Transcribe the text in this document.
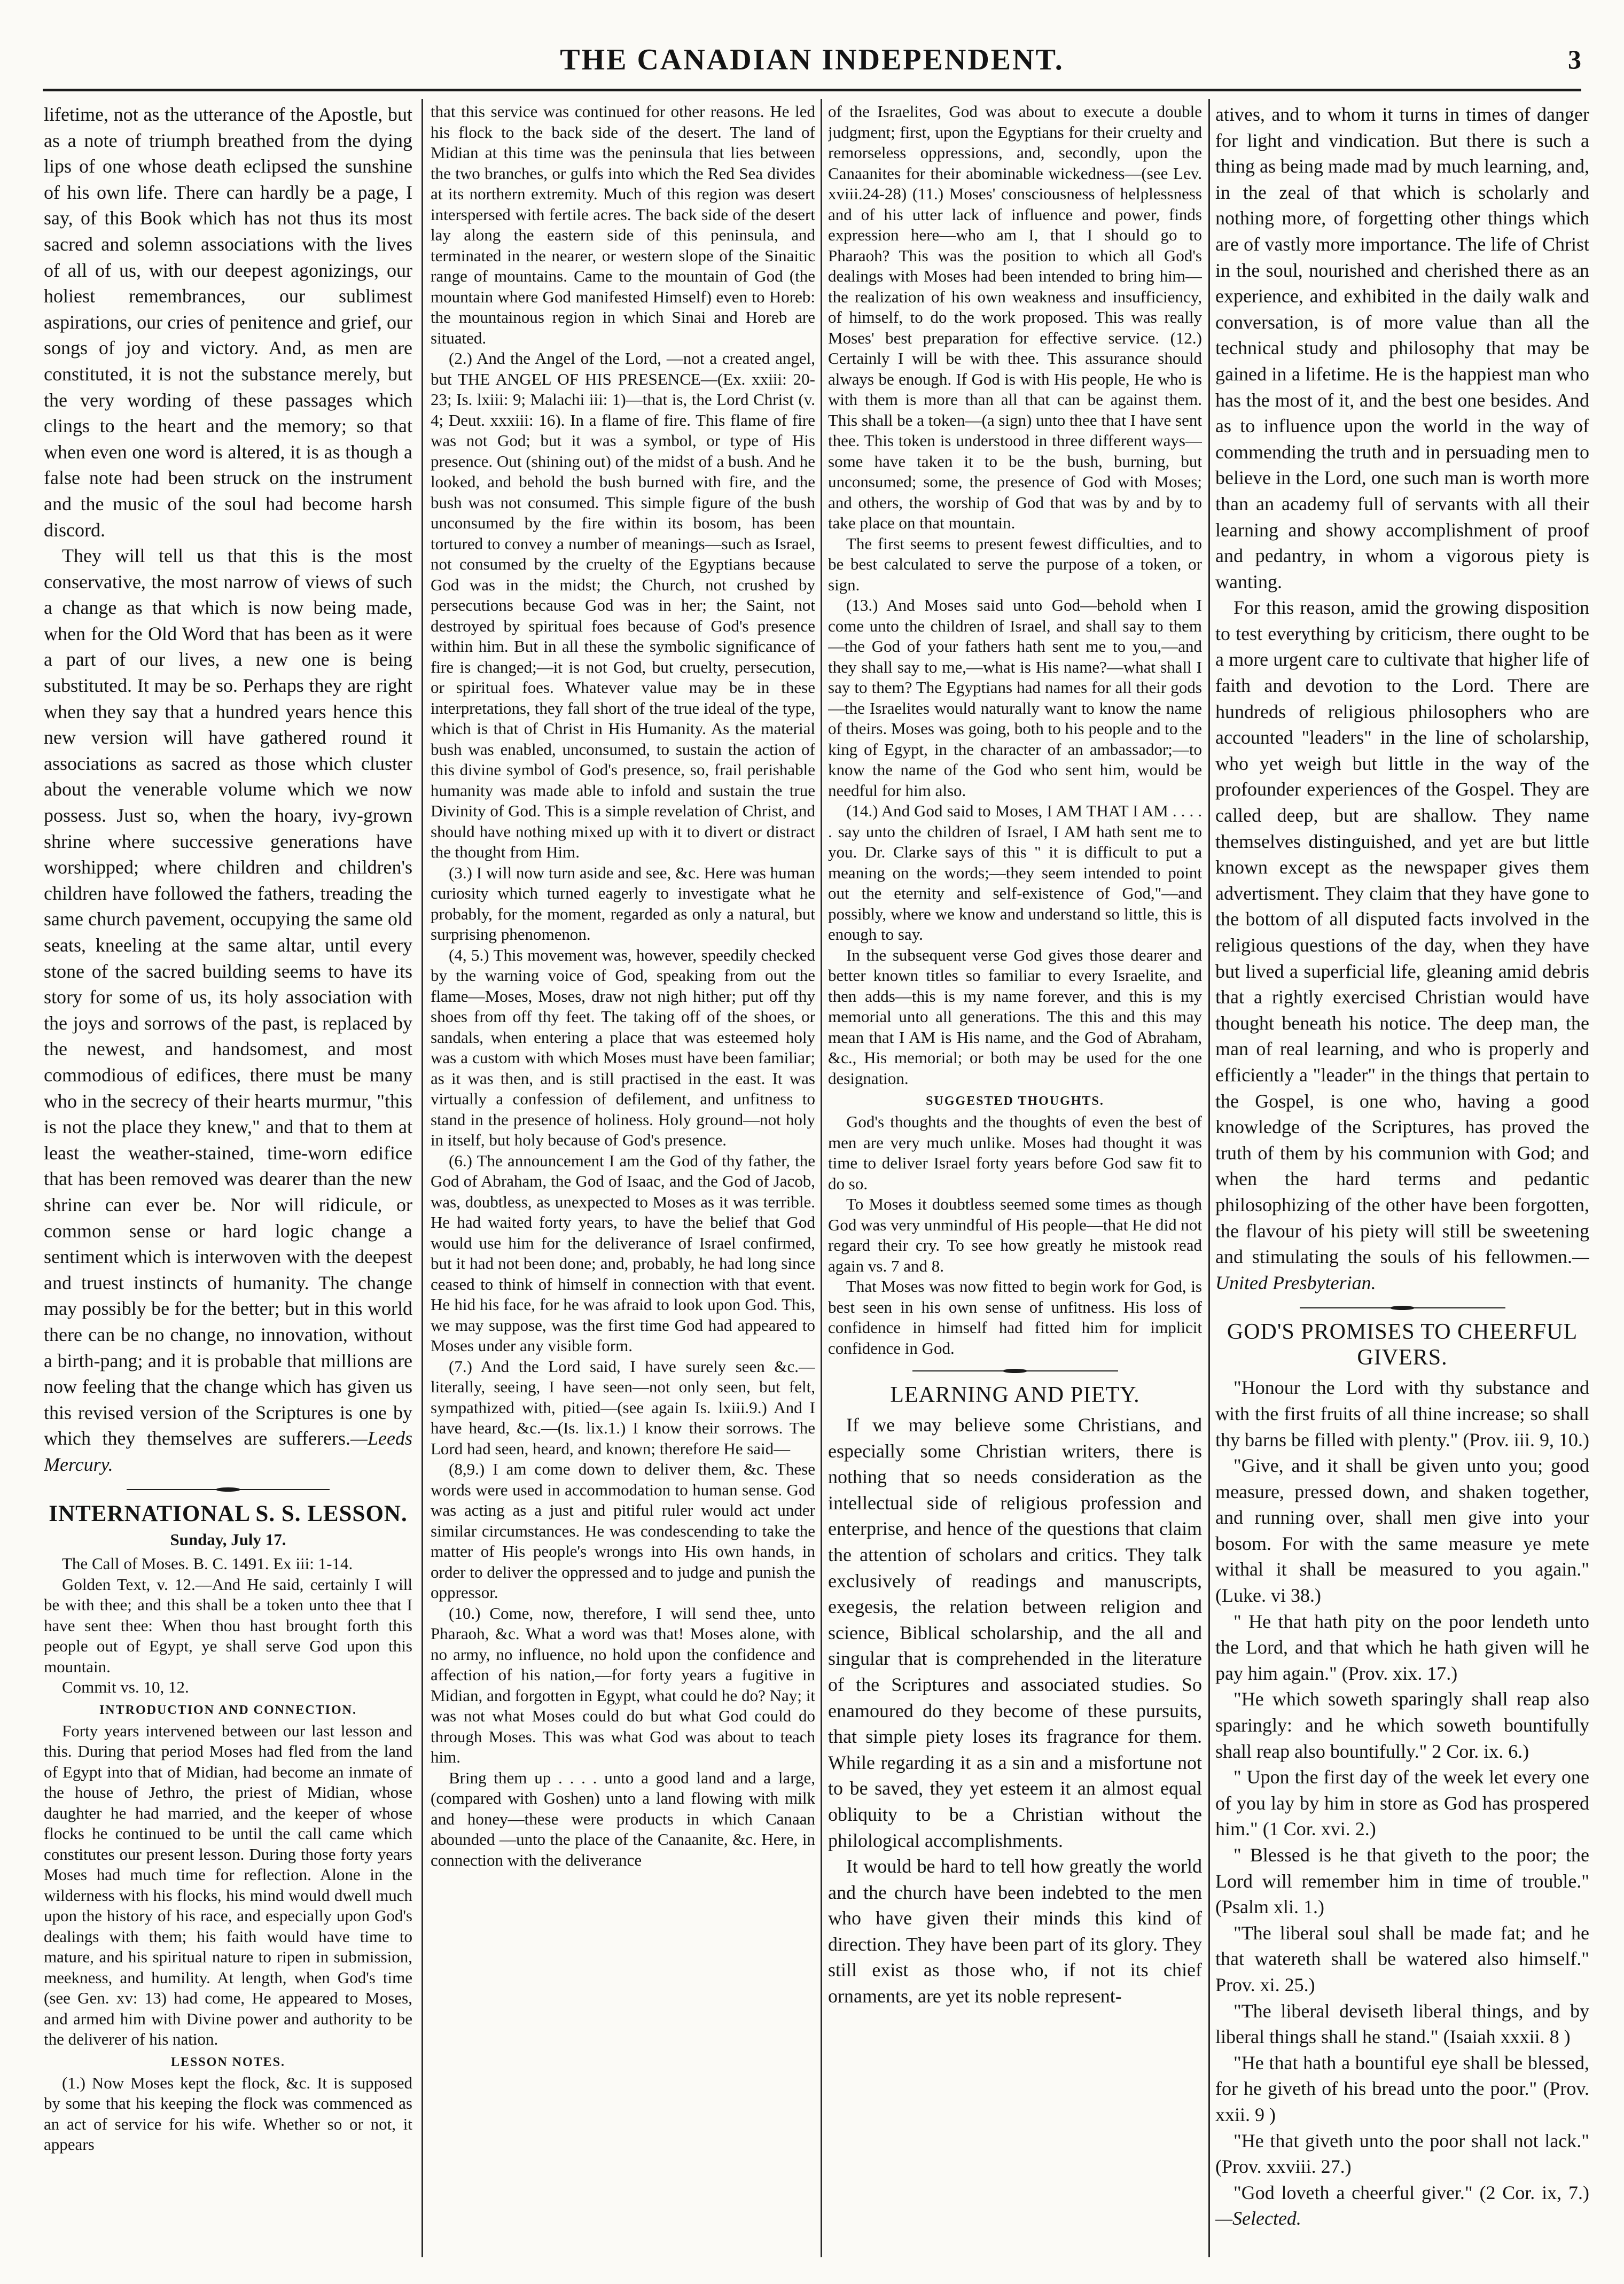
THE CANADIAN INDEPENDENT.	3

lifetime, not as the utterance of the Apostle, but as a note of triumph breathed from the dying lips of one whose death eclipsed the sunshine of his own life. There can hardly be a page, I say, of this Book which has not thus its most sacred and solemn associations with the lives of all of us, with our deepest agonizings, our holiest remembrances, our sublimest aspirations, our cries of penitence and grief, our songs of joy and victory. And, as men are constituted, it is not the substance merely, but the very wording of these passages which clings to the heart and the memory; so that when even one word is altered, it is as though a false note had been struck on the instrument and the music of the soul had become harsh discord.

They will tell us that this is the most conservative, the most narrow of views of such a change as that which is now being made, when for the Old Word that has been as it were a part of our lives, a new one is being substituted. It may be so. Perhaps they are right when they say that a hundred years hence this new version will have gathered round it associations as sacred as those which cluster about the venerable volume which we now possess. Just so, when the hoary, ivy-grown shrine where successive generations have worshipped; where children and children's children have followed the fathers, treading the same church pavement, occupying the same old seats, kneeling at the same altar, until every stone of the sacred building seems to have its story for some of us, its holy association with the joys and sorrows of the past, is replaced by the newest, and handsomest, and most commodious of edifices, there must be many who in the secrecy of their hearts murmur, "this is not the place they knew," and that to them at least the weather-stained, time-worn edifice that has been removed was dearer than the new shrine can ever be. Nor will ridicule, or common sense or hard logic change a sentiment which is interwoven with the deepest and truest instincts of humanity. The change may possibly be for the better; but in this world there can be no change, no innovation, without a birth-pang; and it is probable that millions are now feeling that the change which has given us this revised version of the Scriptures is one by which they themselves are sufferers.—Leeds Mercury.

INTERNATIONAL S. S. LESSON.
Sunday, July 17.

The Call of Moses. B. C. 1491. Ex iii: 1-14.

Golden Text, v. 12.—And He said, certainly I will be with thee; and this shall be a token unto thee that I have sent thee: When thou hast brought forth this people out of Egypt, ye shall serve God upon this mountain.

Commit vs. 10, 12.

INTRODUCTION AND CONNECTION.

Forty years intervened between our last lesson and this. During that period Moses had fled from the land of Egypt into that of Midian, had become an inmate of the house of Jethro, the priest of Midian, whose daughter he had married, and the keeper of whose flocks he continued to be until the call came which constitutes our present lesson. During those forty years Moses had much time for reflection. Alone in the wilderness with his flocks, his mind would dwell much upon the history of his race, and especially upon God's dealings with them; his faith would have time to mature, and his spiritual nature to ripen in submission, meekness, and humility. At length, when God's time (see Gen. xv: 13) had come, He appeared to Moses, and armed him with Divine power and authority to be the deliverer of his nation.

LESSON NOTES.

(1.) Now Moses kept the flock, &c. It is supposed by some that his keeping the flock was commenced as an act of service for his wife. Whether so or not, it appears

that this service was continued for other reasons. He led his flock to the back side of the desert. The land of Midian at this time was the peninsula that lies between the two branches, or gulfs into which the Red Sea divides at its northern extremity. Much of this region was desert interspersed with fertile acres. The back side of the desert lay along the eastern side of this peninsula, and terminated in the nearer, or western slope of the Sinaitic range of mountains. Came to the mountain of God (the mountain where God manifested Himself) even to Horeb: the mountainous region in which Sinai and Horeb are situated.

(2.) And the Angel of the Lord, —not a created angel, but THE ANGEL OF HIS PRESENCE—(Ex. xxiii: 20-23; Is. lxiii: 9; Malachi iii: 1)—that is, the Lord Christ (v. 4; Deut. xxxiii: 16). In a flame of fire. This flame of fire was not God; but it was a symbol, or type of His presence. Out (shining out) of the midst of a bush. And he looked, and behold the bush burned with fire, and the bush was not consumed. This simple figure of the bush unconsumed by the fire within its bosom, has been tortured to convey a number of meanings—such as Israel, not consumed by the cruelty of the Egyptians because God was in the midst; the Church, not crushed by persecutions because God was in her; the Saint, not destroyed by spiritual foes because of God's presence within him. But in all these the symbolic significance of fire is changed;—it is not God, but cruelty, persecution, or spiritual foes. Whatever value may be in these interpretations, they fall short of the true ideal of the type, which is that of Christ in His Humanity. As the material bush was enabled, unconsumed, to sustain the action of this divine symbol of God's presence, so, frail perishable humanity was made able to infold and sustain the true Divinity of God. This is a simple revelation of Christ, and should have nothing mixed up with it to divert or distract the thought from Him.

(3.) I will now turn aside and see, &c. Here was human curiosity which turned eagerly to investigate what he probably, for the moment, regarded as only a natural, but surprising phenomenon.

(4, 5.) This movement was, however, speedily checked by the warning voice of God, speaking from out the flame—Moses, Moses, draw not nigh hither; put off thy shoes from off thy feet. The taking off of the shoes, or sandals, when entering a place that was esteemed holy was a custom with which Moses must have been familiar; as it was then, and is still practised in the east. It was virtually a confession of defilement, and unfitness to stand in the presence of holiness. Holy ground—not holy in itself, but holy because of God's presence.

(6.) The announcement I am the God of thy father, the God of Abraham, the God of Isaac, and the God of Jacob, was, doubtless, as unexpected to Moses as it was terrible. He had waited forty years, to have the belief that God would use him for the deliverance of Israel confirmed, but it had not been done; and, probably, he had long since ceased to think of himself in connection with that event. He hid his face, for he was afraid to look upon God. This, we may suppose, was the first time God had appeared to Moses under any visible form.

(7.) And the Lord said, I have surely seen &c.—literally, seeing, I have seen—not only seen, but felt, sympathized with, pitied—(see again Is. lxiii.9.) And I have heard, &c.—(Is. lix.1.) I know their sorrows. The Lord had seen, heard, and known; therefore He said—

(8,9.) I am come down to deliver them, &c. These words were used in accommodation to human sense. God was acting as a just and pitiful ruler would act under similar circumstances. He was condescending to take the matter of His people's wrongs into His own hands, in order to deliver the oppressed and to judge and punish the oppressor.

(10.) Come, now, therefore, I will send thee, unto Pharaoh, &c. What a word was that! Moses alone, with no army, no influence, no hold upon the confidence and affection of his nation,—for forty years a fugitive in Midian, and forgotten in Egypt, what could he do? Nay; it was not what Moses could do but what God could do through Moses. This was what God was about to teach him.

Bring them up . . . . unto a good land and a large, (compared with Goshen) unto a land flowing with milk and honey—these were products in which Canaan abounded —unto the place of the Canaanite, &c. Here, in connection with the deliverance

of the Israelites, God was about to execute a double judgment; first, upon the Egyptians for their cruelty and remorseless oppressions, and, secondly, upon the Canaanites for their abominable wickedness—(see Lev. xviii.24-28) (11.) Moses' consciousness of helplessness and of his utter lack of influence and power, finds expression here—who am I, that I should go to Pharaoh? This was the position to which all God's dealings with Moses had been intended to bring him—the realization of his own weakness and insufficiency, of himself, to do the work proposed. This was really Moses' best preparation for effective service. (12.) Certainly I will be with thee. This assurance should always be enough. If God is with His people, He who is with them is more than all that can be against them. This shall be a token—(a sign) unto thee that I have sent thee. This token is understood in three different ways—some have taken it to be the bush, burning, but unconsumed; some, the presence of God with Moses; and others, the worship of God that was by and by to take place on that mountain.

The first seems to present fewest difficulties, and to be best calculated to serve the purpose of a token, or sign.

(13.) And Moses said unto God—behold when I come unto the children of Israel, and shall say to them—the God of your fathers hath sent me to you,—and they shall say to me,—what is His name?—what shall I say to them? The Egyptians had names for all their gods—the Israelites would naturally want to know the name of theirs. Moses was going, both to his people and to the king of Egypt, in the character of an ambassador;—to know the name of the God who sent him, would be needful for him also.

(14.) And God said to Moses, I AM THAT I AM . . . . . say unto the children of Israel, I AM hath sent me to you. Dr. Clarke says of this " it is difficult to put a meaning on the words;—they seem intended to point out the eternity and self-existence of God,"—and possibly, where we know and understand so little, this is enough to say.

In the subsequent verse God gives those dearer and better known titles so familiar to every Israelite, and then adds—this is my name forever, and this is my memorial unto all generations. The this and this may mean that I AM is His name, and the God of Abraham, &c., His memorial; or both may be used for the one designation.

SUGGESTED THOUGHTS.

God's thoughts and the thoughts of even the best of men are very much unlike. Moses had thought it was time to deliver Israel forty years before God saw fit to do so.

To Moses it doubtless seemed some times as though God was very unmindful of His people—that He did not regard their cry. To see how greatly he mistook read again vs. 7 and 8.

That Moses was now fitted to begin work for God, is best seen in his own sense of unfitness. His loss of confidence in himself had fitted him for implicit confidence in God.

LEARNING AND PIETY.

If we may believe some Christians, and especially some Christian writers, there is nothing that so needs consideration as the intellectual side of religious profession and enterprise, and hence of the questions that claim the attention of scholars and critics. They talk exclusively of readings and manuscripts, exegesis, the relation between religion and science, Biblical scholarship, and the all and singular that is comprehended in the literature of the Scriptures and associated studies. So enamoured do they become of these pursuits, that simple piety loses its fragrance for them. While regarding it as a sin and a misfortune not to be saved, they yet esteem it an almost equal obliquity to be a Christian without the philological accomplishments.

It would be hard to tell how greatly the world and the church have been indebted to the men who have given their minds this kind of direction. They have been part of its glory. They still exist as those who, if not its chief ornaments, are yet its noble represent-

atives, and to whom it turns in times of danger for light and vindication. But there is such a thing as being made mad by much learning, and, in the zeal of that which is scholarly and nothing more, of forgetting other things which are of vastly more importance. The life of Christ in the soul, nourished and cherished there as an experience, and exhibited in the daily walk and conversation, is of more value than all the technical study and philosophy that may be gained in a lifetime. He is the happiest man who has the most of it, and the best one besides. And as to influence upon the world in the way of commending the truth and in persuading men to believe in the Lord, one such man is worth more than an academy full of servants with all their learning and showy accomplishment of proof and pedantry, in whom a vigorous piety is wanting.

For this reason, amid the growing disposition to test everything by criticism, there ought to be a more urgent care to cultivate that higher life of faith and devotion to the Lord. There are hundreds of religious philosophers who are accounted "leaders" in the line of scholarship, who yet weigh but little in the way of the profounder experiences of the Gospel. They are called deep, but are shallow. They name themselves distinguished, and yet are but little known except as the newspaper gives them advertisment. They claim that they have gone to the bottom of all disputed facts involved in the religious questions of the day, when they have but lived a superficial life, gleaning amid debris that a rightly exercised Christian would have thought beneath his notice. The deep man, the man of real learning, and who is properly and efficiently a "leader" in the things that pertain to the Gospel, is one who, having a good knowledge of the Scriptures, has proved the truth of them by his communion with God; and when the hard terms and pedantic philosophizing of the other have been forgotten, the flavour of his piety will still be sweetening and stimulating the souls of his fellowmen.—United Presbyterian.

GOD'S PROMISES TO CHEERFUL GIVERS.

"Honour the Lord with thy substance and with the first fruits of all thine increase; so shall thy barns be filled with plenty." (Prov. iii. 9, 10.)

"Give, and it shall be given unto you; good measure, pressed down, and shaken together, and running over, shall men give into your bosom. For with the same measure ye mete withal it shall be measured to you again." (Luke. vi 38.)

" He that hath pity on the poor lendeth unto the Lord, and that which he hath given will he pay him again." (Prov. xix. 17.)

"He which soweth sparingly shall reap also sparingly: and he which soweth bountifully shall reap also bountifully." 2 Cor. ix. 6.)

" Upon the first day of the week let every one of you lay by him in store as God has prospered him." (1 Cor. xvi. 2.)

" Blessed is he that giveth to the poor; the Lord will remember him in time of trouble." (Psalm xli. 1.)

"The liberal soul shall be made fat; and he that watereth shall be watered also himself." Prov. xi. 25.)

"The liberal deviseth liberal things, and by liberal things shall he stand." (Isaiah xxxii. 8 )

"He that hath a bountiful eye shall be blessed, for he giveth of his bread unto the poor." (Prov. xxii. 9 )

"He that giveth unto the poor shall not lack." (Prov. xxviii. 27.)

"God loveth a cheerful giver." (2 Cor. ix, 7.)—Selected.
